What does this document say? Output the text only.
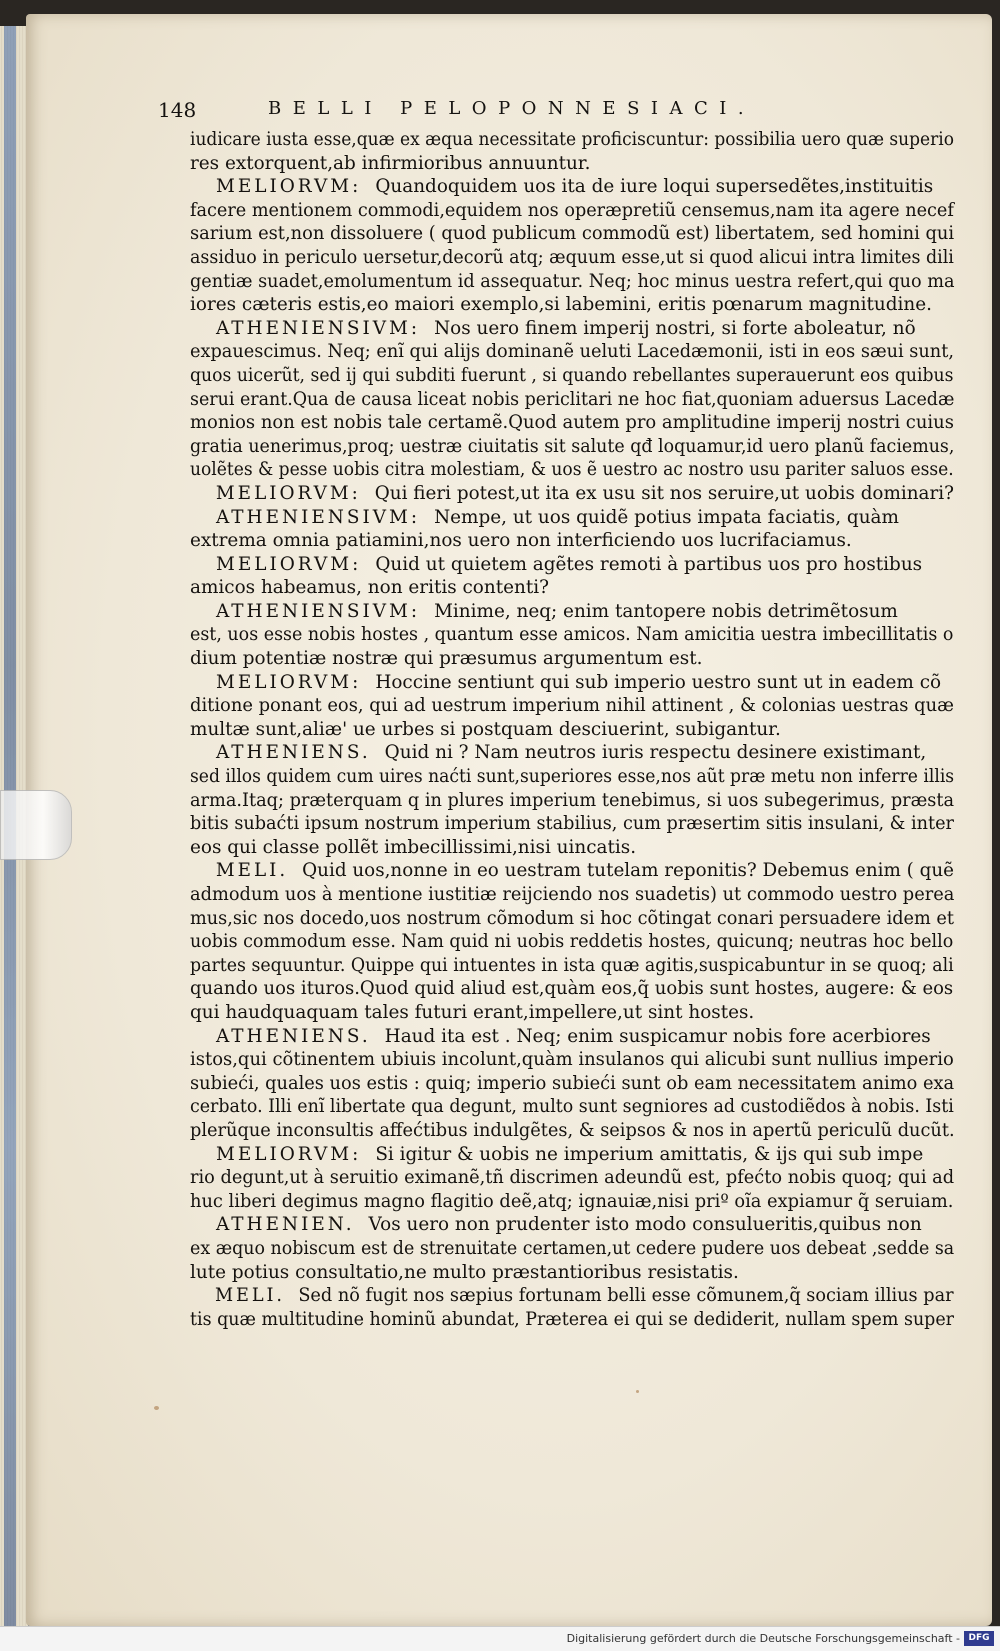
148	BELLI PELOPONNESIACI.
iudicare iusta esse,quæ ex æqua necessitate proficiscuntur: possibilia uero quæ superio
res extorquent,ab infirmioribus annuuntur.
MELIORVM: Quandoquidem uos ita de iure loqui supersedẽtes,instituitis
facere mentionem commodi,equidem nos operæpretiũ censemus,nam ita agere necef
sarium est,non dissoluere ( quod publicum commodũ est) libertatem, sed homini qui
assiduo in periculo uersetur,decorũ atq; æquum esse,ut si quod alicui intra limites dili
gentiæ suadet,emolumentum id assequatur. Neq; hoc minus uestra refert,qui quo ma
iores cæteris estis,eo maiori exemplo,si labemini, eritis pœnarum magnitudine.
ATHENIENSIVM: Nos uero finem imperij nostri, si forte aboleatur, nõ
expauescimus. Neq; enĩ qui alijs dominanẽ ueluti Lacedæmonii, isti in eos sæui sunt,
quos uicerũt, sed ij qui subditi fuerunt , si quando rebellantes superauerunt eos quibus
serui erant.Qua de causa liceat nobis periclitari ne hoc fiat,quoniam aduersus Lacedæ
monios non est nobis tale certamẽ.Quod autem pro amplitudine imperij nostri cuius
gratia uenerimus,proq; uestræ ciuitatis sit salute qđ loquamur,id uero planũ faciemus,
uolẽtes & pesse uobis citra molestiam, & uos ẽ uestro ac nostro usu pariter saluos esse.
MELIORVM: Qui fieri potest,ut ita ex usu sit nos seruire,ut uobis dominari?
ATHENIENSIVM: Nempe, ut uos quidẽ potius impata faciatis, quàm
extrema omnia patiamini,nos uero non interficiendo uos lucrifaciamus.
MELIORVM: Quid ut quietem agẽtes remoti à partibus uos pro hostibus
amicos habeamus, non eritis contenti?
ATHENIENSIVM: Minime, neq; enim tantopere nobis detrimẽtosum
est, uos esse nobis hostes , quantum esse amicos. Nam amicitia uestra imbecillitatis o
dium potentiæ nostræ qui præsumus argumentum est.
MELIORVM: Hoccine sentiunt qui sub imperio uestro sunt ut in eadem cõ
ditione ponant eos, qui ad uestrum imperium nihil attinent , & colonias uestras quæ
multæ sunt,aliæ' ue urbes si postquam desciuerint, subigantur.
ATHENIENS. Quid ni ? Nam neutros iuris respectu desinere existimant,
sed illos quidem cum uires naćti sunt,superiores esse,nos aũt præ metu non inferre illis
arma.Itaq; præterquam q in plures imperium tenebimus, si uos subegerimus, præsta
bitis subaćti ipsum nostrum imperium stabilius, cum præsertim sitis insulani, & inter
eos qui classe pollẽt imbecillissimi,nisi uincatis.
MELI. Quid uos,nonne in eo uestram tutelam reponitis? Debemus enim ( quẽ
admodum uos à mentione iustitiæ reijciendo nos suadetis) ut commodo uestro perea
mus,sic nos docedo,uos nostrum cõmodum si hoc cõtingat conari persuadere idem et
uobis commodum esse. Nam quid ni uobis reddetis hostes, quicunq; neutras hoc bello
partes sequuntur. Quippe qui intuentes in ista quæ agitis,suspicabuntur in se quoq; ali
quando uos ituros.Quod quid aliud est,quàm eos,q̃ uobis sunt hostes, augere: & eos
qui haudquaquam tales futuri erant,impellere,ut sint hostes.
ATHENIENS. Haud ita est . Neq; enim suspicamur nobis fore acerbiores
istos,qui cõtinentem ubiuis incolunt,quàm insulanos qui alicubi sunt nullius imperio
subieći, quales uos estis : quiq; imperio subieći sunt ob eam necessitatem animo exa
cerbato. Illi enĩ libertate qua degunt, multo sunt segniores ad custodiẽdos à nobis. Isti
plerũque inconsultis affećtibus indulgẽtes, & seipsos & nos in apertũ periculũ ducũt.
MELIORVM: Si igitur & uobis ne imperium amittatis, & ijs qui sub impe
rio degunt,ut à seruitio eximanẽ,tñ discrimen adeundũ est, pfećto nobis quoq; qui ad
huc liberi degimus magno flagitio deẽ,atq; ignauiæ,nisi priº oĩa expiamur q̃ seruiam.
ATHENIEN. Vos uero non prudenter isto modo consulueritis,quibus non
ex æquo nobiscum est de strenuitate certamen,ut cedere pudere uos debeat ,sedde sa
lute potius consultatio,ne multo præstantioribus resistatis.
MELI. Sed nõ fugit nos sæpius fortunam belli esse cõmunem,q̃ sociam illius par
tis quæ multitudine hominũ abundat, Præterea ei qui se dediderit, nullam spem super
Digitalisierung gefördert durch die Deutsche Forschungsgemeinschaft - DFG
